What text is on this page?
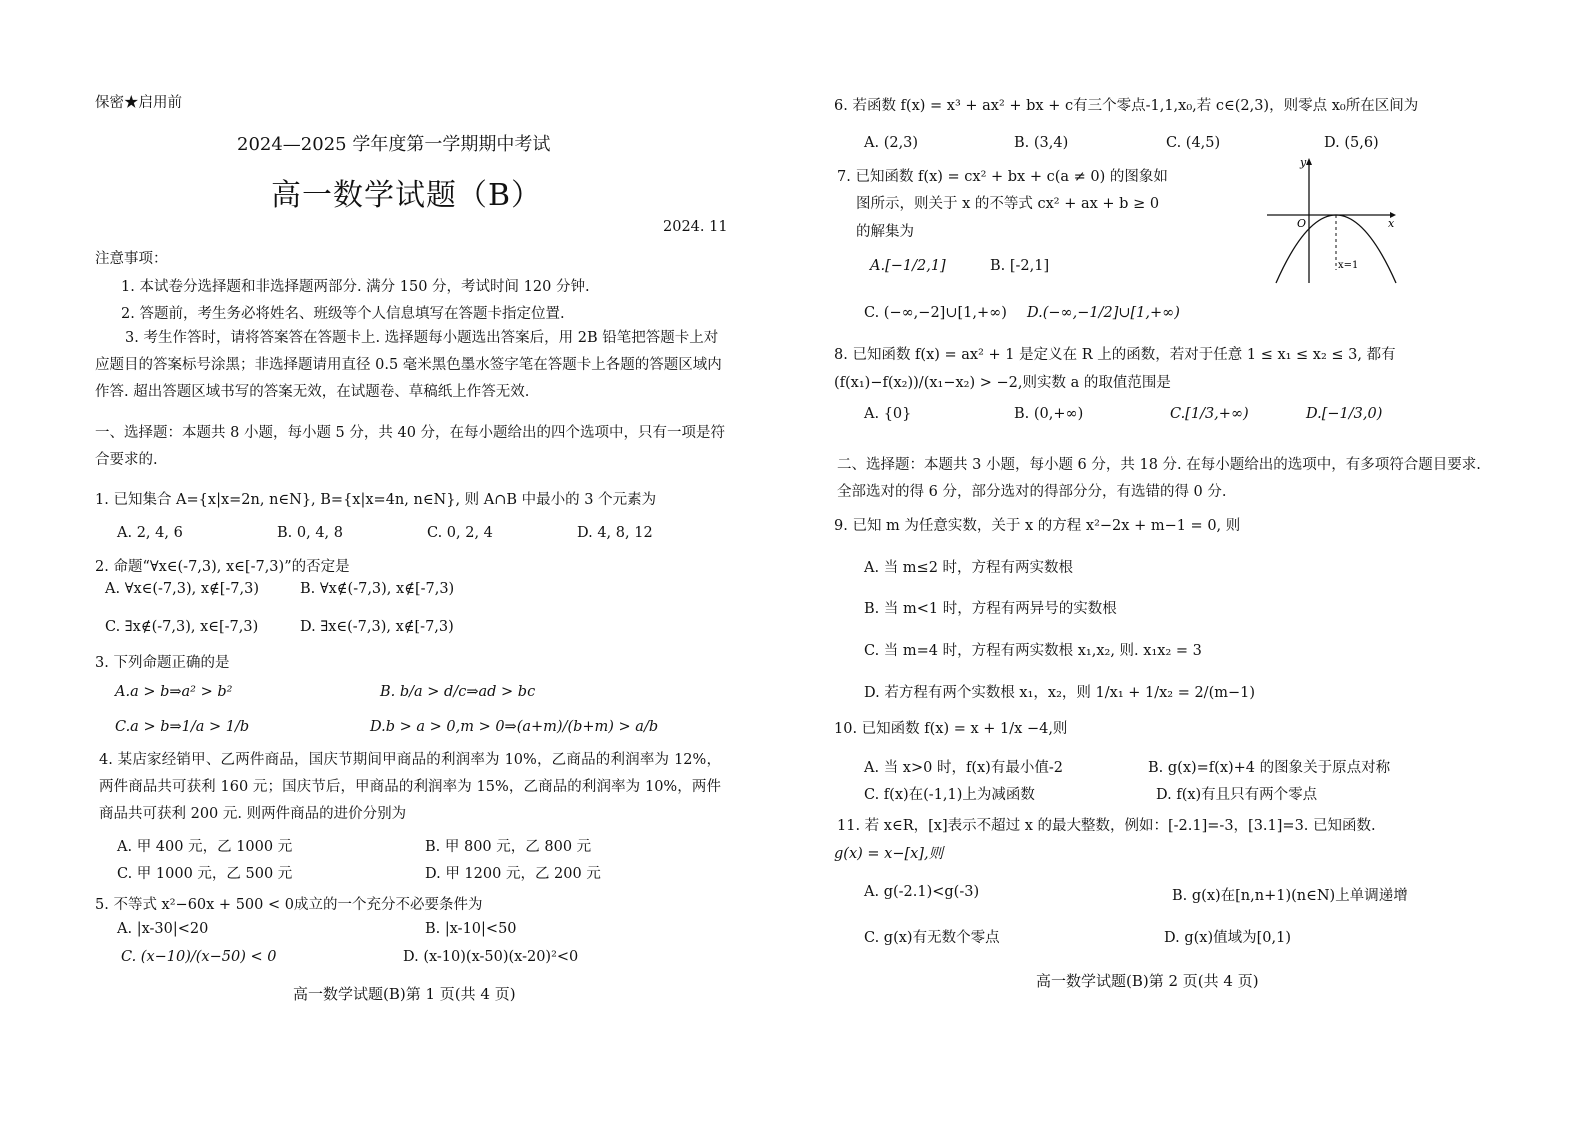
保密★启用前
2024—2025 学年度第一学期期中考试
高一数学试题（B）
2024. 11
注意事项：
1. 本试卷分选择题和非选择题两部分. 满分 150 分，考试时间 120 分钟.
2. 答题前，考生务必将姓名、班级等个人信息填写在答题卡指定位置.
3. 考生作答时，请将答案答在答题卡上. 选择题每小题选出答案后，用 2B 铅笔把答题卡上对应题目的答案标号涂黑；非选择题请用直径 0.5 毫米黑色墨水签字笔在答题卡上各题的答题区域内作答. 超出答题区域书写的答案无效，在试题卷、草稿纸上作答无效.
一、选择题：本题共 8 小题，每小题 5 分，共 40 分，在每小题给出的四个选项中，只有一项是符合要求的.
1. 已知集合 A={x|x=2n, n∈N}, B={x|x=4n, n∈N}, 则 A∩B 中最小的 3 个元素为
A. 2, 4, 6	B. 0, 4, 8	C. 0, 2, 4	D. 4, 8, 12
2. 命题“∀x∈(-7,3), x∈[-7,3)”的否定是
A. ∀x∈(-7,3), x∉[-7,3)	B. ∀x∉(-7,3), x∉[-7,3)
C. ∃x∉(-7,3), x∈[-7,3)	D. ∃x∈(-7,3), x∉[-7,3)
3. 下列命题正确的是
A.a > b⇒a² > b²	B. b/a > d/c⇒ad > bc
C.a > b⇒1/a > 1/b	D.b > a > 0,m > 0⇒(a+m)/(b+m) > a/b
4. 某店家经销甲、乙两件商品，国庆节期间甲商品的利润率为 10%，乙商品的利润率为 12%，两件商品共可获利 160 元；国庆节后，甲商品的利润率为 15%，乙商品的利润率为 10%，两件商品共可获利 200 元. 则两件商品的进价分别为
A. 甲 400 元，乙 1000 元	B. 甲 800 元，乙 800 元
C. 甲 1000 元，乙 500 元	D. 甲 1200 元，乙 200 元
5. 不等式 x²−60x + 500 < 0成立的一个充分不必要条件为
A. |x-30|<20	B. |x-10|<50
C. (x−10)/(x−50) < 0	D. (x-10)(x-50)(x-20)²<0
高一数学试题(B)第 1 页(共 4 页)
6. 若函数 f(x) = x³ + ax² + bx + c有三个零点-1,1,x₀,若 c∈(2,3)，则零点 x₀所在区间为
A. (2,3)	B. (3,4)	C. (4,5)	D. (5,6)
7. 已知函数 f(x) = cx² + bx + c(a ≠ 0) 的图象如
图所示，则关于 x 的不等式 cx² + ax + b ≥ 0
的解集为
A.[−1/2,1]	B. [-2,1]
C. (−∞,−2]∪[1,+∞) D.(−∞,−1/2]∪[1,+∞)
y
x
O
x=1
8. 已知函数 f(x) = ax² + 1 是定义在 R 上的函数，若对于任意 1 ≤ x₁ ≤ x₂ ≤ 3, 都有
(f(x₁)−f(x₂))/(x₁−x₂) > −2,则实数 a 的取值范围是
A. {0}	B. (0,+∞)	C.[1/3,+∞)	D.[−1/3,0)
二、选择题：本题共 3 小题，每小题 6 分，共 18 分. 在每小题给出的选项中，有多项符合题目要求. 全部选对的得 6 分，部分选对的得部分分，有选错的得 0 分.
9. 已知 m 为任意实数，关于 x 的方程 x²−2x + m−1 = 0, 则
A. 当 m≤2 时，方程有两实数根
B. 当 m<1 时，方程有两异号的实数根
C. 当 m=4 时，方程有两实数根 x₁,x₂, 则. x₁x₂ = 3
D. 若方程有两个实数根 x₁，x₂，则 1/x₁ + 1/x₂ = 2/(m−1)
10. 已知函数 f(x) = x + 1/x −4,则
A. 当 x>0 时，f(x)有最小值-2	B. g(x)=f(x)+4 的图象关于原点对称
C. f(x)在(-1,1)上为减函数	D. f(x)有且只有两个零点
11. 若 x∈R，[x]表示不超过 x 的最大整数，例如：[-2.1]=-3，[3.1]=3. 已知函数.
g(x) = x−[x],则
A. g(-2.1)<g(-3)	B. g(x)在[n,n+1)(n∈N)上单调递增
C. g(x)有无数个零点	D. g(x)值域为[0,1)
高一数学试题(B)第 2 页(共 4 页)
